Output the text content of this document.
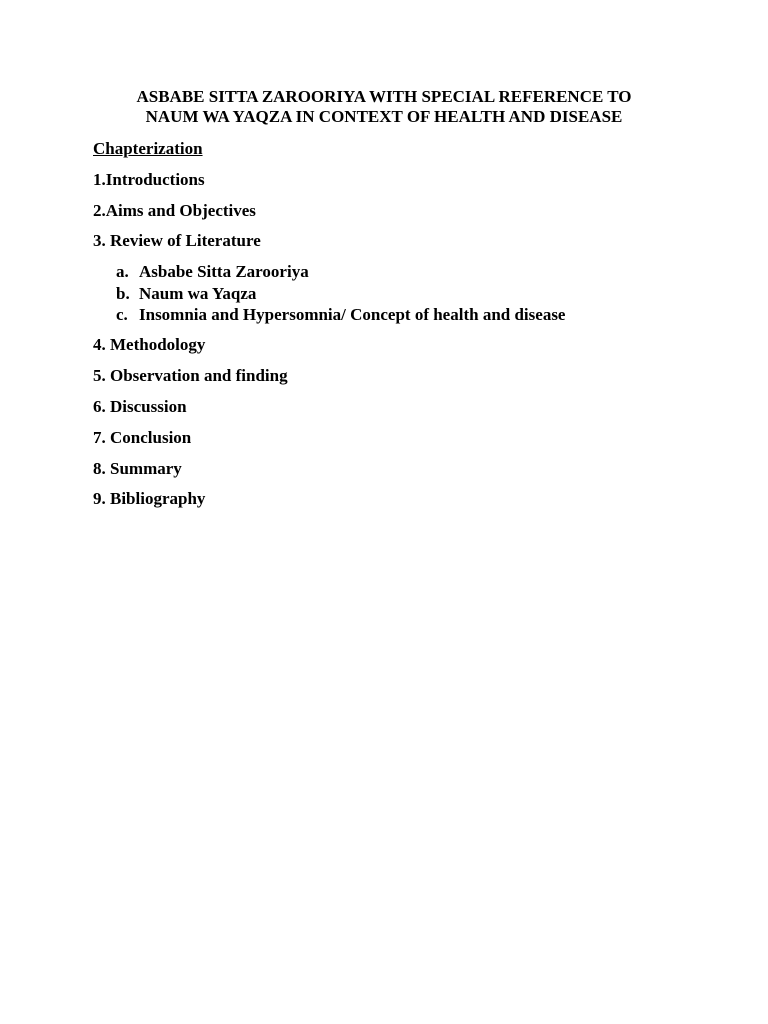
ASBABE SITTA ZAROORIYA WITH SPECIAL REFERENCE TO
NAUM WA YAQZA IN CONTEXT OF HEALTH AND DISEASE
Chapterization
1.Introductions
2.Aims and Objectives
3. Review of Literature
a. Asbabe Sitta Zarooriya
b. Naum wa Yaqza
c. Insomnia and Hypersomnia/ Concept of health and disease
4. Methodology
5. Observation and finding
6. Discussion
7. Conclusion
8. Summary
9. Bibliography
